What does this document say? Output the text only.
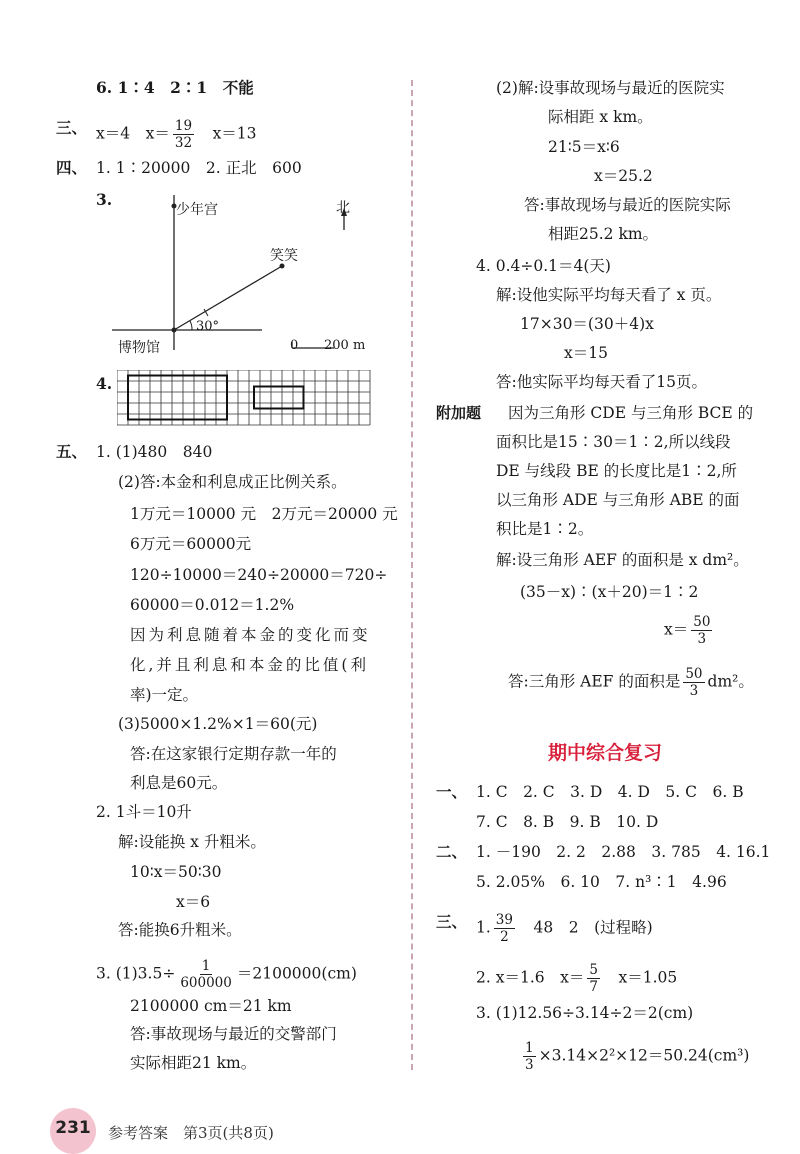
6. 1∶4　2∶1　不能
三、 x＝4　$x= \frac{19}{32}$
　 x＝13
四、 1. 1∶20000　2. 正北　600
3.
少年宫	北
笑笑
博物馆
30°
0 200 m
4.
五、 1. (1)480　840
(2)答:本金和利息成正比例关系。
1万元＝10000 元　2万元＝20000 元
6万元＝60000元
120÷10000＝240÷20000＝720÷
60000＝0.012＝1.2%
因为利息随着本金的变化而变
化,并且利息和本金的比值(利
率)一定。
(3)5000×1.2%×1＝60(元)
答:在这家银行定期存款一年的
利息是60元。
2. 1斗＝10升
解:设能换 x 升粗米。
10∶x＝50∶30
x＝6
答:能换6升粗米。
3. $(1)3.5\div \frac{1}{600000} =2100000(cm)$
2100000 cm＝21 km
答:事故现场与最近的交警部门
实际相距21 km。
(2)解:设事故现场与最近的医院实
际相距 x km。
21∶5＝x∶6
x＝25.2
答:事故现场与最近的医院实际
相距25.2 km。
4. 0.4÷0.1＝4(天)
解:设他实际平均每天看了 x 页。
17×30＝(30＋4)x
x＝15
答:他实际平均每天看了15页。
附加题 因为三角形 CDE 与三角形 BCE 的
面积比是15∶30＝1∶2,所以线段
DE 与线段 BE 的长度比是1∶2,所
以三角形 ADE 与三角形 ABE 的面
积比是1∶2。
解:设三角形 AEF 的面积是 x dm²。
(35－x)∶(x＋20)＝1∶2
$x= \frac{50}{3}$
答:三角形 AEF 的面积是 $\frac{50}{3} dm^2$。
期中综合复习
一、 1. C　2. C　3. D　4. D　5. C　6. B
7. C　8. B　9. B　10. D
二、 1. －190　2. 2　2.88　3. 785　4. 16.1
5. 2.05%　6. 10　7. n³∶1　4.96
三、 1. $\frac{39}{2}$
　 48　2　(过程略)
2. x＝1.6　$x= \frac{5}{7}$
　 x＝1.05
3. (1)12.56÷3.14÷2＝2(cm)
$\frac{1}{3} \times 3.14\times 2^2\times 12=50.24(cm^3)$
231	参考答案　第3页(共8页)
